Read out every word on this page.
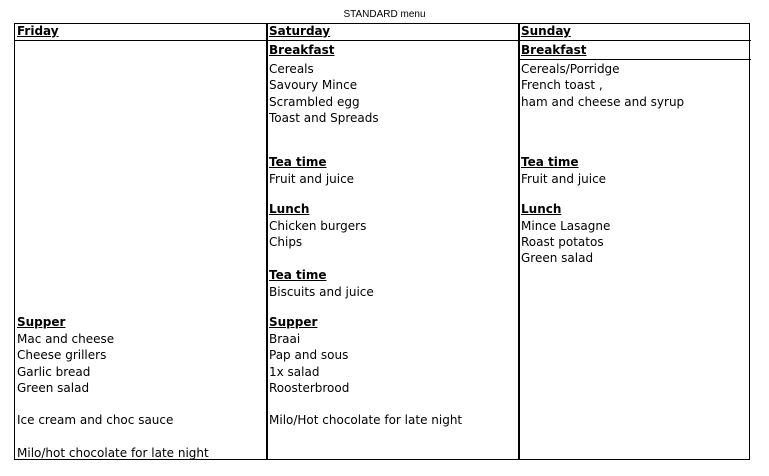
STANDARD menu
Friday	Saturday	Sunday
Supper
Mac and cheese
Cheese grillers
Garlic bread
Green salad
Ice cream and choc sauce
Milo/hot chocolate for late night
Breakfast
Cereals
Savoury Mince
Scrambled egg
Toast and Spreads
Tea time
Fruit and juice
Lunch
Chicken burgers
Chips
Tea time
Biscuits and juice
Supper
Braai
Pap and sous
1x salad
Roosterbrood
Milo/Hot chocolate for late night
Breakfast
Cereals/Porridge
French toast ,
ham and cheese and syrup
Tea time
Fruit and juice
Lunch
Mince Lasagne
Roast potatos
Green salad
